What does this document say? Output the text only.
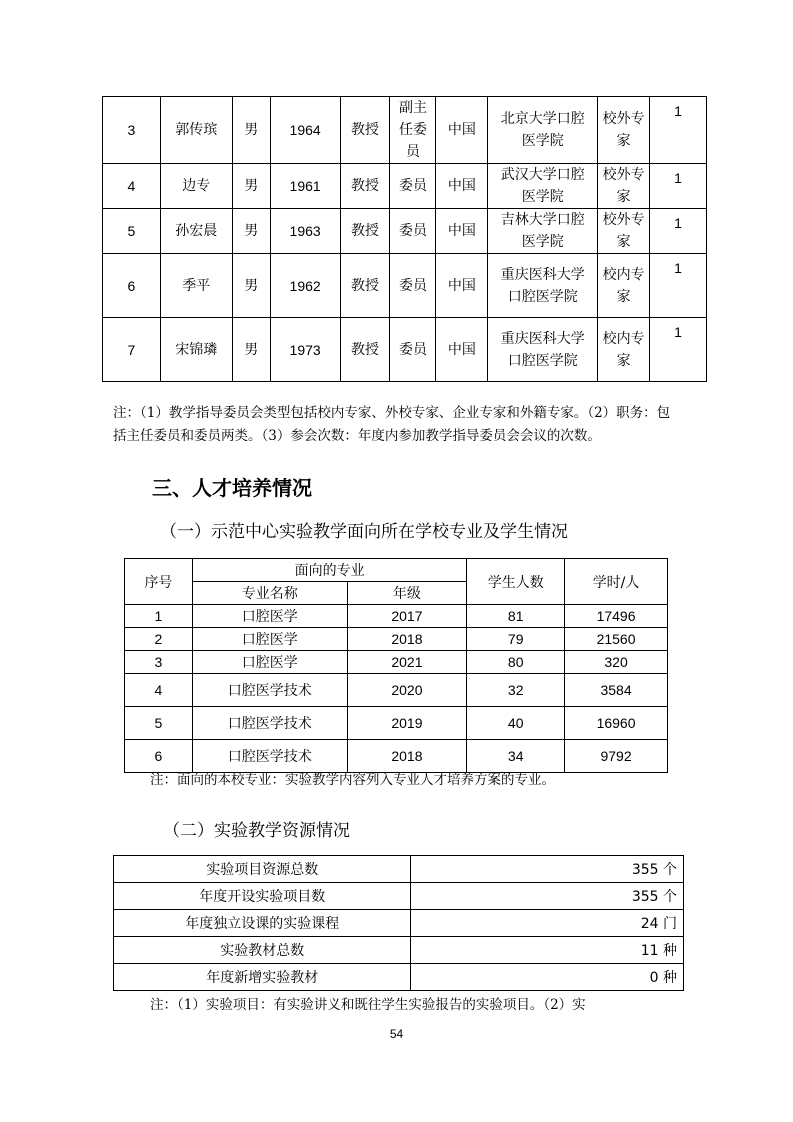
3	郭传瑸	男	1964	教授	副主任委员	中国	北京大学口腔医学院	校外专家	1
4	边专	男	1961	教授	委员	中国	武汉大学口腔医学院	校外专家	1
5	孙宏晨	男	1963	教授	委员	中国	吉林大学口腔医学院	校外专家	1
6	季平	男	1962	教授	委员	中国	重庆医科大学口腔医学院	校内专家	1
7	宋锦璘	男	1973	教授	委员	中国	重庆医科大学口腔医学院	校内专家	1
注：（1）教学指导委员会类型包括校内专家、外校专家、企业专家和外籍专家。（2）职务：包括主任委员和委员两类。（3）参会次数：年度内参加教学指导委员会会议的次数。
三、人才培养情况
（一）示范中心实验教学面向所在学校专业及学生情况
序号	面向的专业		学生人数	学时/人
	专业名称	年级		
1	口腔医学	2017	81	17496
2	口腔医学	2018	79	21560
3	口腔医学	2021	80	320
4	口腔医学技术	2020	32	3584
5	口腔医学技术	2019	40	16960
6	口腔医学技术	2018	34	9792
注：面向的本校专业：实验教学内容列入专业人才培养方案的专业。
（二）实验教学资源情况
实验项目资源总数	355 个
年度开设实验项目数	355 个
年度独立设课的实验课程	24 门
实验教材总数	11 种
年度新增实验教材	0 种
注：（1）实验项目：有实验讲义和既往学生实验报告的实验项目。（2）实
54
